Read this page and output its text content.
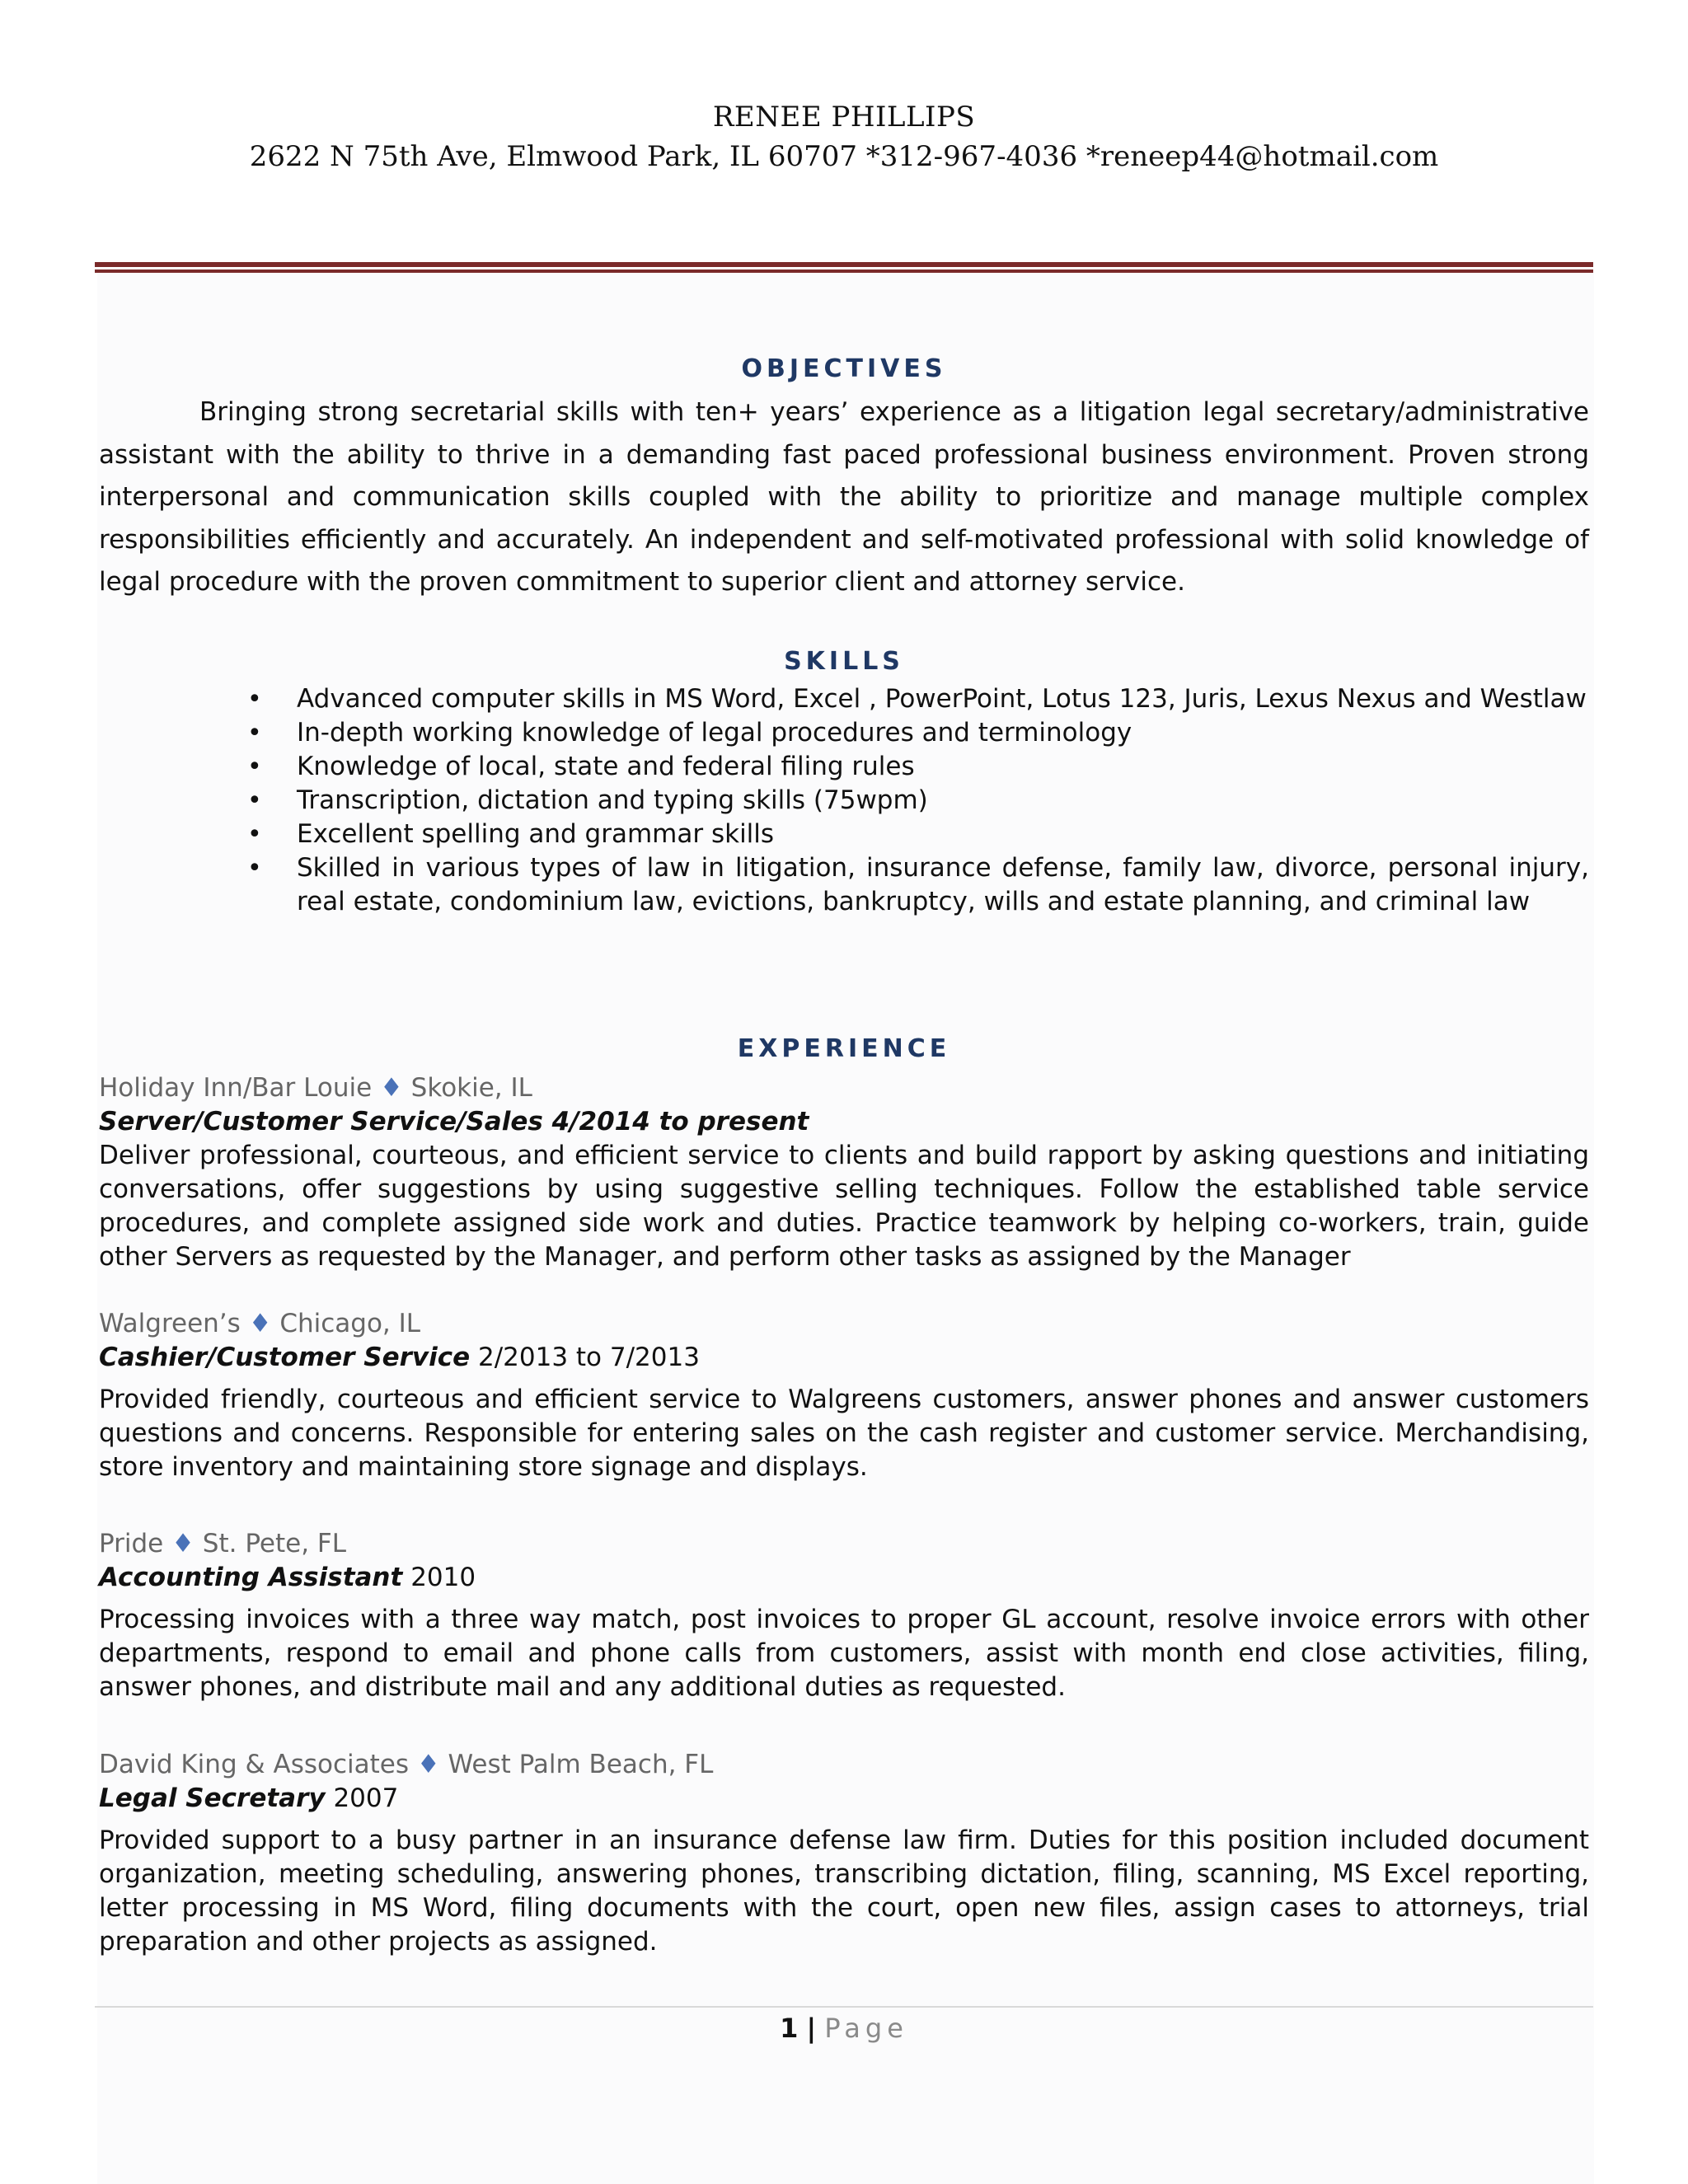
RENEE PHILLIPS
2622 N 75th Ave, Elmwood Park, IL 60707 *312-967-4036 *reneep44@hotmail.com
OBJECTIVES
Bringing strong secretarial skills with ten+ years’ experience as a litigation legal secretary/administrative assistant with the ability to thrive in a demanding fast paced professional business environment. Proven strong interpersonal and communication skills coupled with the ability to prioritize and manage multiple complex responsibilities efficiently and accurately. An independent and self-motivated professional with solid knowledge of legal procedure with the proven commitment to superior client and attorney service.
SKILLS
• Advanced computer skills in MS Word, Excel , PowerPoint, Lotus 123, Juris, Lexus Nexus and Westlaw
• In-depth working knowledge of legal procedures and terminology
• Knowledge of local, state and federal filing rules
• Transcription, dictation and typing skills (75wpm)
• Excellent spelling and grammar skills
• Skilled in various types of law in litigation, insurance defense, family law, divorce, personal injury, real estate, condominium law, evictions, bankruptcy, wills and estate planning, and criminal law
EXPERIENCE
Holiday Inn/Bar Louie ♦ Skokie, IL
Server/Customer Service/Sales 4/2014 to present
Deliver professional, courteous, and efficient service to clients and build rapport by asking questions and initiating conversations, offer suggestions by using suggestive selling techniques. Follow the established table service procedures, and complete assigned side work and duties. Practice teamwork by helping co-workers, train, guide other Servers as requested by the Manager, and perform other tasks as assigned by the Manager
Walgreen’s ♦ Chicago, IL
Cashier/Customer Service 2/2013 to 7/2013
Provided friendly, courteous and efficient service to Walgreens customers, answer phones and answer customers questions and concerns. Responsible for entering sales on the cash register and customer service. Merchandising, store inventory and maintaining store signage and displays.
Pride ♦ St. Pete, FL
Accounting Assistant 2010
Processing invoices with a three way match, post invoices to proper GL account, resolve invoice errors with other departments, respond to email and phone calls from customers, assist with month end close activities, filing, answer phones, and distribute mail and any additional duties as requested.
David King & Associates ♦ West Palm Beach, FL
Legal Secretary 2007
Provided support to a busy partner in an insurance defense law firm. Duties for this position included document organization, meeting scheduling, answering phones, transcribing dictation, filing, scanning, MS Excel reporting, letter processing in MS Word, filing documents with the court, open new files, assign cases to attorneys, trial preparation and other projects as assigned.
1 | Page
